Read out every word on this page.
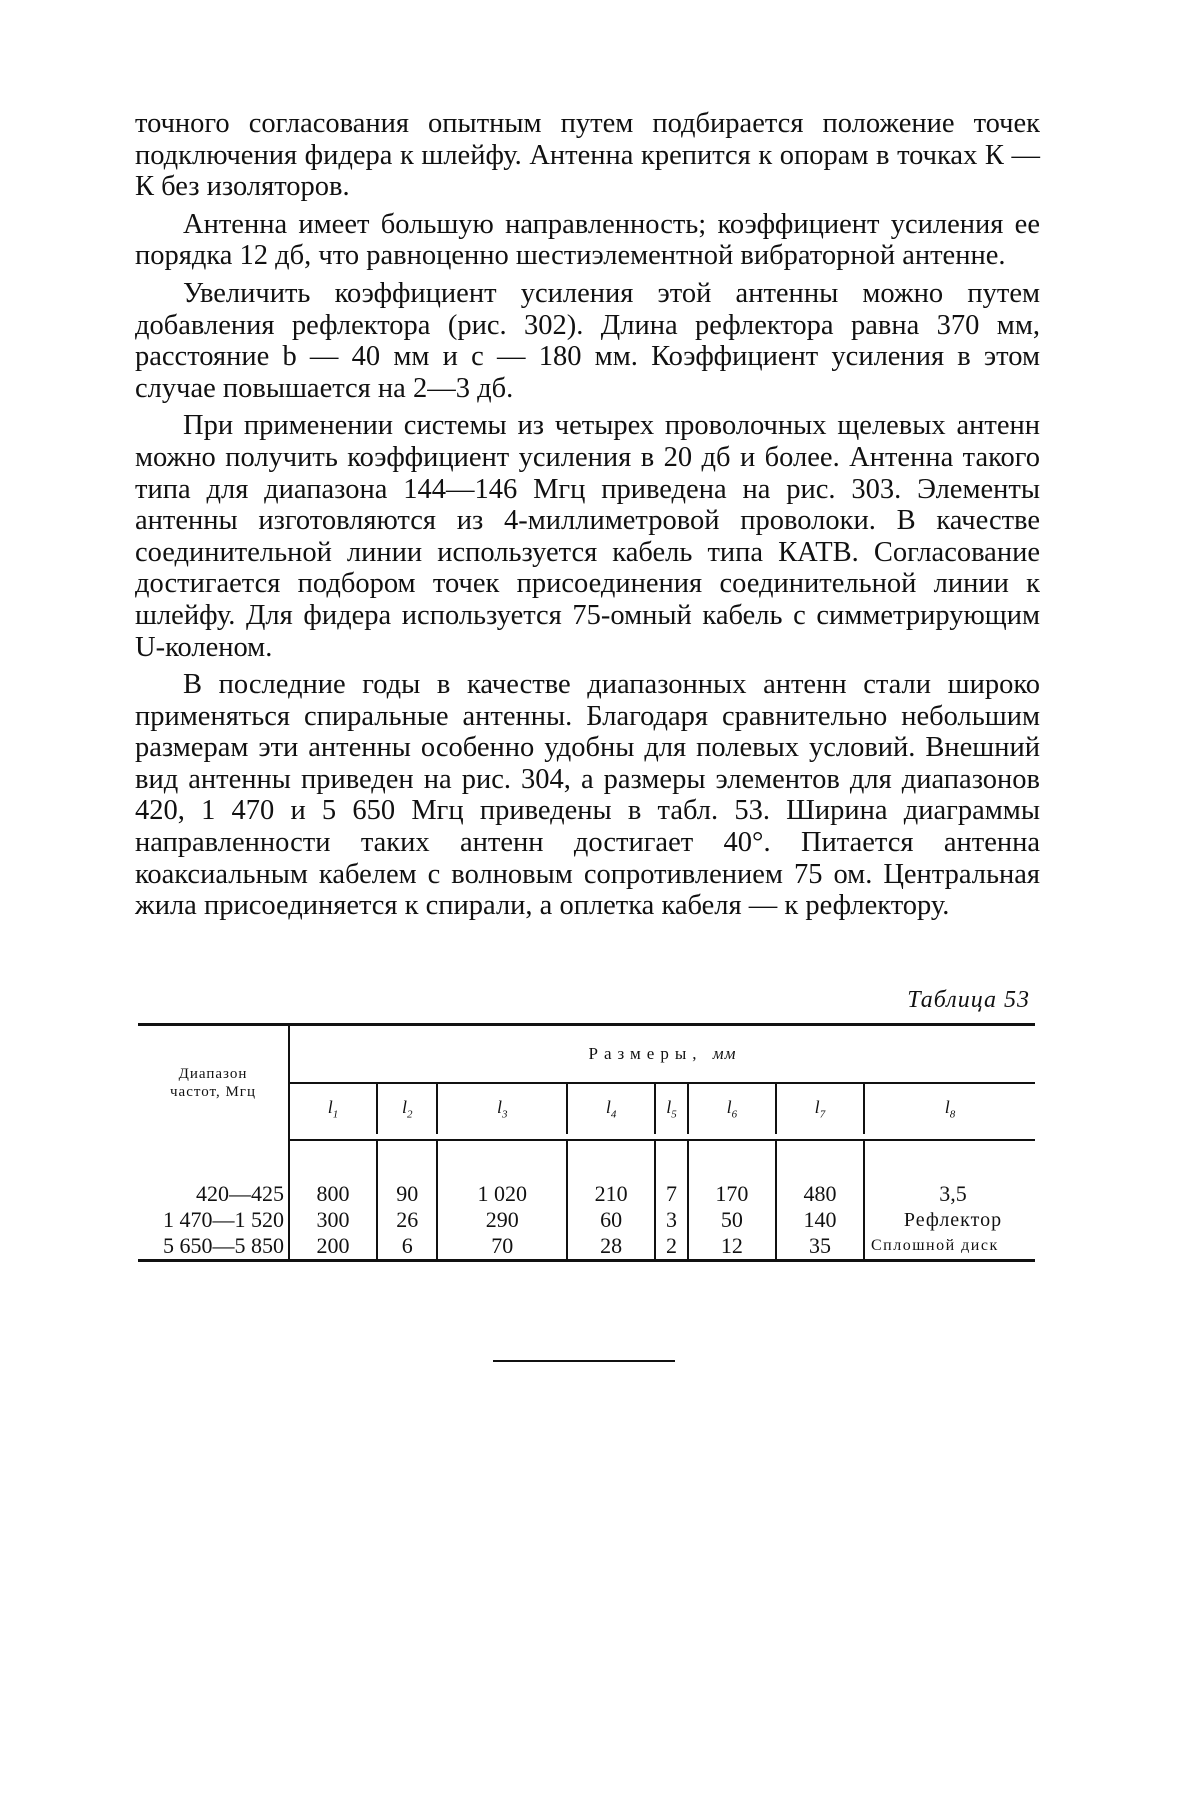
точного согласования опытным путем подбирается положение точек подключения фидера к шлейфу. Антенна крепится к опорам в точках К — К без изоляторов.

Антенна имеет большую направленность; коэффициент усиления ее порядка 12 дб, что равноценно шестиэлементной вибраторной антенне.

Увеличить коэффициент усиления этой антенны можно путем добавления рефлектора (рис. 302). Длина рефлектора равна 370 мм, расстояние b — 40 мм и с — 180 мм. Коэффициент усиления в этом случае повышается на 2—3 дб.

При применении системы из четырех проволочных щелевых антенн можно получить коэффициент усиления в 20 дб и более. Антенна такого типа для диапазона 144—146 Мгц приведена на рис. 303. Элементы антенны изготовляются из 4-миллиметровой проволоки. В качестве соединительной линии используется кабель типа КАТВ. Согласование достигается подбором точек присоединения соединительной линии к шлейфу. Для фидера используется 75-омный кабель с симметрирующим U-коленом.

В последние годы в качестве диапазонных антенн стали широко применяться спиральные антенны. Благодаря сравнительно небольшим размерам эти антенны особенно удобны для полевых условий. Внешний вид антенны приведен на рис. 304, а размеры элементов для диапазонов 420, 1 470 и 5 650 Мгц приведены в табл. 53. Ширина диаграммы направленности таких антенн достигает 40°. Питается антенна коаксиальным кабелем с волновым сопротивлением 75 ом. Центральная жила присоединяется к спирали, а оплетка кабеля — к рефлектору.

Таблица 53
Диапазон
частот, Мгц	Размеры, мм							
	$l_1$	$l_2$	$l_3$	$l_4$	$l_5$	$l_6$	$l_7$	$l_8$

420—425	800	90	1 020	210	7	170	480	3,5
1 470—1 520	300	26	290	60	3	50	140	Рефлектор
5 650—5 850	200	6	70	28	2	12	35	Сплошной диск
